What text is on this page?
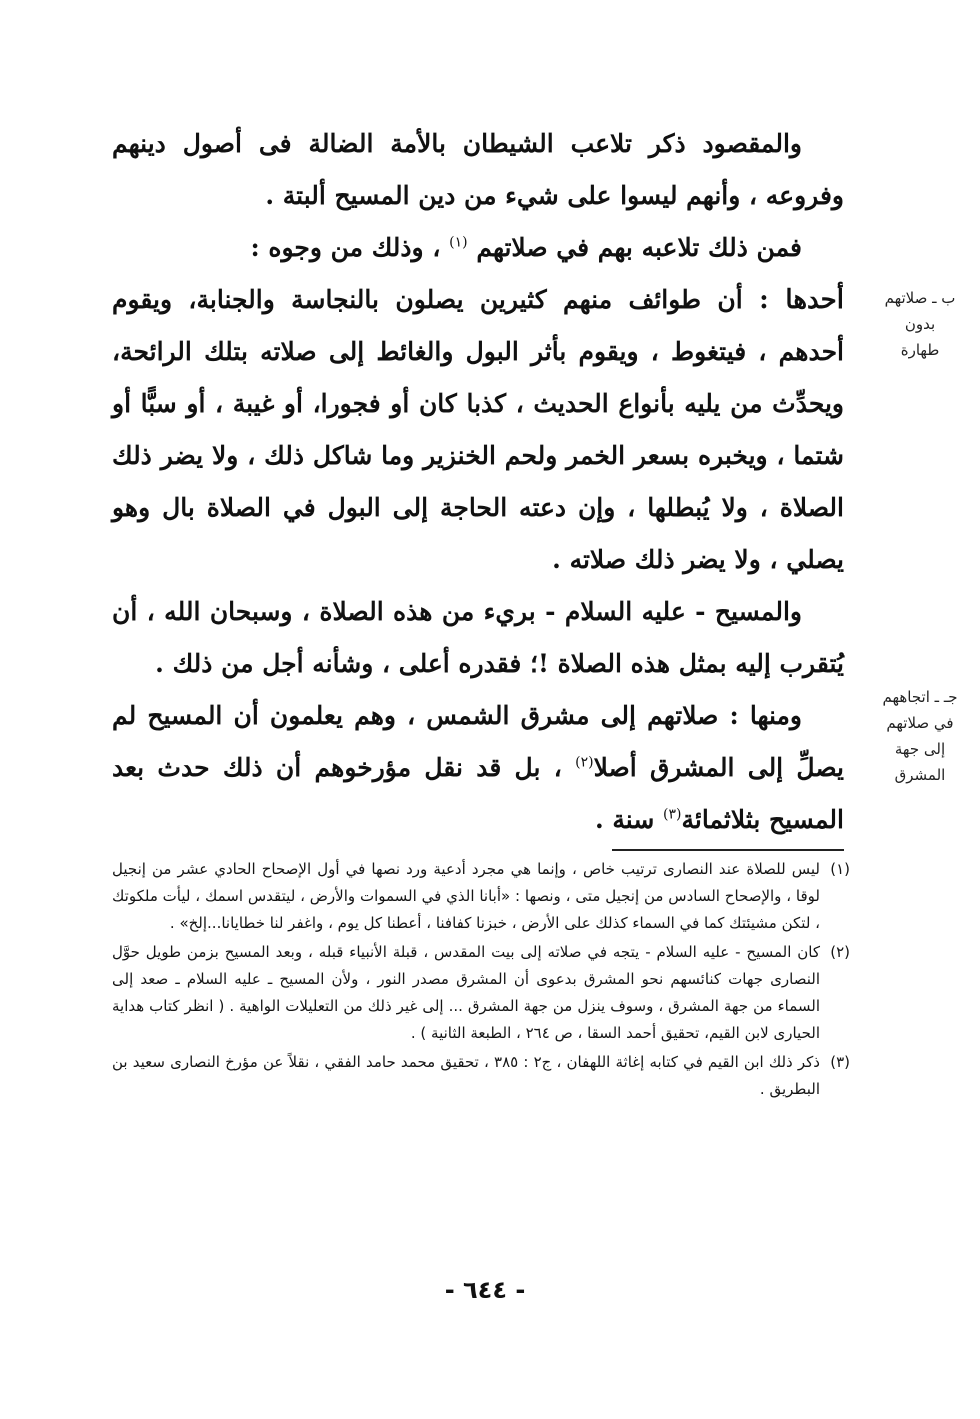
والمقصود ذكر تلاعب الشيطان بالأمة الضالة فى أصول دينهم وفروعه ، وأنهم ليسوا على شيء من دين المسيح ألبتة .

فمن ذلك تلاعبه بهم في صلاتهم $^{(١)}$ ، وذلك من وجوه :

أحدها : أن طوائف منهم كثيرين يصلون بالنجاسة والجنابة، ويقوم أحدهم ، فيتغوط ، ويقوم بأثر البول والغائط إلى صلاته بتلك الرائحة، ويحدِّث من يليه بأنواع الحديث ، كذبا كان أو فجورا، أو غيبة ، أو سبًّا أو شتما ، ويخبره بسعر الخمر ولحم الخنزير وما شاكل ذلك ، ولا يضر ذلك الصلاة ، ولا يُبطلها ، وإن دعته الحاجة إلى البول في الصلاة بال وهو يصلي ، ولا يضر ذلك صلاته .

والمسيح - عليه السلام - بريء من هذه الصلاة ، وسبحان الله ، أن يُتقرب إليه بمثل هذه الصلاة !؛ فقدره أعلى ، وشأنه أجل من ذلك .

ومنها : صلاتهم إلى مشرق الشمس ، وهم يعلمون أن المسيح لم يصلِّ إلى المشرق أصلا$^{(٢)}$ ، بل قد نقل مؤرخوهم أن ذلك حدث بعد المسيح بثلاثمائة$^{(٣)}$ سنة .

ب ـ صلاتهم
بدون
طهارة
جـ ـ اتجاههم
في صلاتهم
إلى جهة
المشرق

(١)
ليس للصلاة عند النصارى ترتيب خاص ، وإنما هي مجرد أدعية ورد نصها في أول الإصحاح الحادي عشر من إنجيل لوقا ، والإصحاح السادس من إنجيل متى ، ونصها : «أبانا الذي في السموات والأرض ، ليتقدس اسمك ، ليأت ملكوتك ، لتكن مشيئتك كما في السماء كذلك على الأرض ، خبزنا كفافنا ، أعطنا كل يوم ، واغفر لنا خطايانا...إلخ» .

(٢)
كان المسيح - عليه السلام - يتجه في صلاته إلى بيت المقدس ، قبلة الأنبياء قبله ، وبعد المسيح بزمن طويل حوَّل النصارى جهات كنائسهم نحو المشرق بدعوى أن المشرق مصدر النور ، ولأن المسيح ـ عليه السلام ـ صعد إلى السماء من جهة المشرق ، وسوف ينزل من جهة المشرق ... إلى غير ذلك من التعليلات الواهية . ( انظر كتاب هداية الحيارى لابن القيم، تحقيق أحمد السقا ، ص ٢٦٤ ، الطبعة الثانية ) .

(٣)
ذكر ذلك ابن القيم في كتابه إغاثة اللهفان ، ج٢ : ٣٨٥ ، تحقيق محمد حامد الفقي ، نقلاً عن مؤرخ النصارى سعيد بن البطريق .

- ٦٤٤ -
